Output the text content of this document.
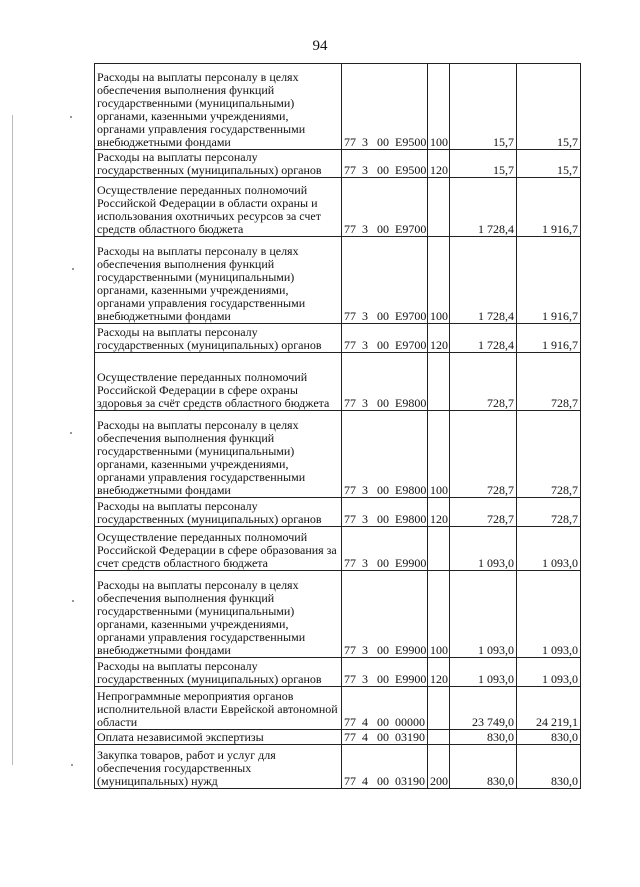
94
Расходы на выплаты персоналу в целях обеспечения выполнения функций государственными (муниципальными) органами, казенными учреждениями, органами управления государственными внебюджетными фондами	77  3   00  Е9500	100	15,7	15,7
Расходы на выплаты персоналу государственных (муниципальных) органов	77  3   00  Е9500	120	15,7	15,7
Осуществление переданных полномочий Российской Федерации в области охраны и использования охотничьих ресурсов за счет средств областного бюджета	77  3   00  Е9700		1 728,4	1 916,7
Расходы на выплаты персоналу в целях обеспечения выполнения функций государственными (муниципальными) органами, казенными учреждениями, органами управления государственными внебюджетными фондами	77  3   00  Е9700	100	1 728,4	1 916,7
Расходы на выплаты персоналу государственных (муниципальных) органов	77  3   00  Е9700	120	1 728,4	1 916,7
Осуществление переданных полномочий Российской Федерации в сфере охраны здоровья за счёт средств областного бюджета	77  3   00  Е9800		728,7	728,7
Расходы на выплаты персоналу в целях обеспечения выполнения функций государственными (муниципальными) органами, казенными учреждениями, органами управления государственными внебюджетными фондами	77  3   00  Е9800	100	728,7	728,7
Расходы на выплаты персоналу государственных (муниципальных) органов	77  3   00  Е9800	120	728,7	728,7
Осуществление переданных полномочий Российской Федерации в сфере образования за счет средств областного бюджета	77  3   00  Е9900		1 093,0	1 093,0
Расходы на выплаты персоналу в целях обеспечения выполнения функций государственными (муниципальными) органами, казенными учреждениями, органами управления государственными внебюджетными фондами	77  3   00  Е9900	100	1 093,0	1 093,0
Расходы на выплаты персоналу государственных (муниципальных) органов	77  3   00  Е9900	120	1 093,0	1 093,0
Непрограммные мероприятия органов исполнительной власти Еврейской автономной области	77  4   00  00000		23 749,0	24 219,1
Оплата независимой экспертизы	77  4   00  03190		830,0	830,0
Закупка товаров, работ и услуг для обеспечения государственных (муниципальных) нужд	77  4   00  03190	200	830,0	830,0
